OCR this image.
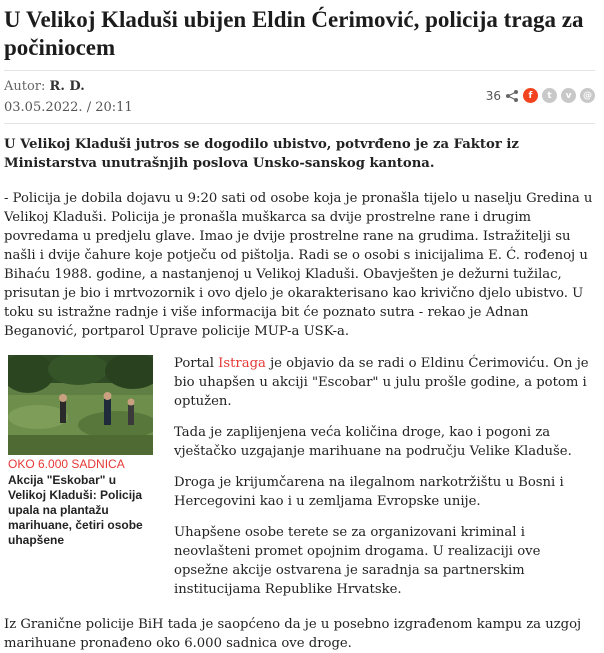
U Velikoj Kladuši ubijen Eldin Ćerimović, policija traga za počiniocem
Autor: R. D.
03.05.2022. / 20:11
36	f	t	v	@

U Velikoj Kladuši jutros se dogodilo ubistvo, potvrđeno je za Faktor iz Ministarstva unutrašnjih poslova Unsko-sanskog kantona.

- Policija je dobila dojavu u 9:20 sati od osobe koja je pronašla tijelo u naselju Gredina u Velikoj Kladuši. Policija je pronašla muškarca sa dvije prostrelne rane i drugim povredama u predjelu glave. Imao je dvije prostrelne rane na grudima. Istražitelji su našli i dvije čahure koje potječu od pištolja. Radi se o osobi s inicijalima E. Ć. rođenoj u Bihaću 1988. godine, a nastanjenoj u Velikoj Kladuši. Obavješten je dežurni tužilac, prisutan je bio i mrtvozornik i ovo djelo je okarakterisano kao krivično djelo ubistvo. U toku su istražne radnje i više informacija bit će poznato sutra - rekao je Adnan Beganović, portparol Uprave policije MUP-a USK-a.

OKO 6.000 SADNICA
Akcija "Eskobar" u Velikoj Kladuši: Policija upala na plantažu marihuane, četiri osobe uhapšene

Portal Istraga je objavio da se radi o Eldinu Ćerimoviću. On je bio uhapšen u akciji "Escobar" u julu prošle godine, a potom i optužen.

Tada je zaplijenjena veća količina droge, kao i pogoni za vještačko uzgajanje marihuane na području Velike Kladuše.

Droga je krijumčarena na ilegalnom narkotržištu u Bosni i Hercegovini kao i u zemljama Evropske unije.

Uhapšene osobe terete se za organizovani kriminal i neovlašteni promet opojnim drogama. U realizaciji ove opsežne akcije ostvarena je saradnja sa partnerskim institucijama Republike Hrvatske.

Iz Granične policije BiH tada je saopćeno da je u posebno izgrađenom kampu za uzgoj marihuane pronađeno oko 6.000 sadnica ove droge.
